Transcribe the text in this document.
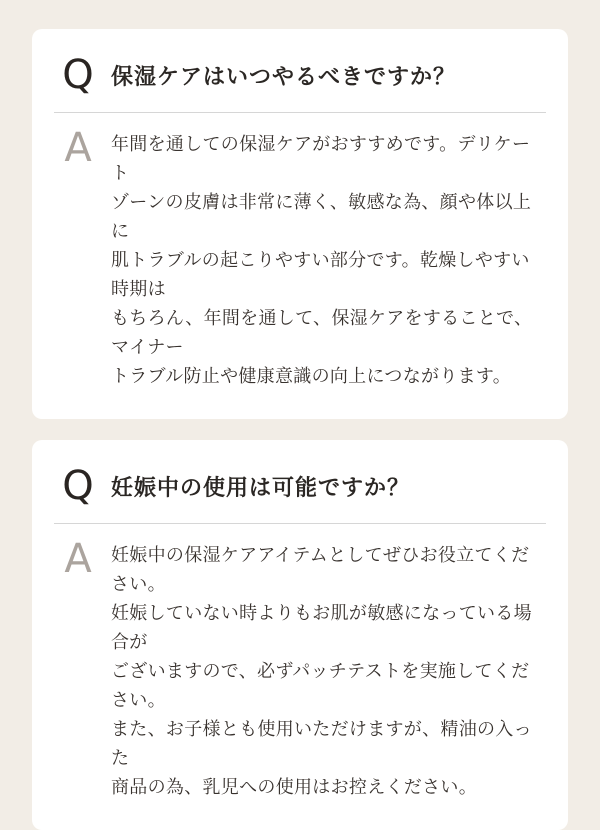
Q 保湿ケアはいつやるべきですか？
A 年間を通しての保湿ケアがおすすめです。デリケート
ゾーンの皮膚は非常に薄く、敏感な為、顔や体以上に
肌トラブルの起こりやすい部分です。乾燥しやすい時期は
もちろん、年間を通して、保湿ケアをすることで、マイナー
トラブル防止や健康意識の向上につながります。

Q 妊娠中の使用は可能ですか？
A 妊娠中の保湿ケアアイテムとしてぜひお役立てください。
妊娠していない時よりもお肌が敏感になっている場合が
ございますので、必ずパッチテストを実施してください。
また、お子様とも使用いただけますが、精油の入った
商品の為、乳児への使用はお控えください。
